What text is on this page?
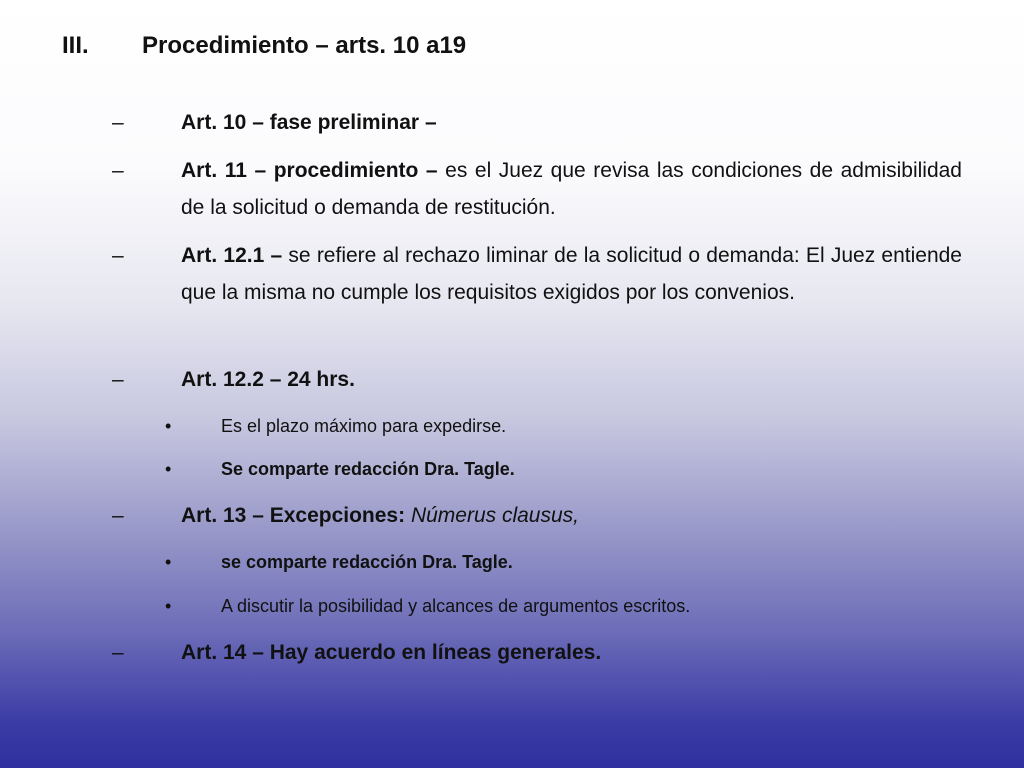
III. Procedimiento – arts. 10 a19
–	Art. 10 – fase preliminar –
–	Art. 11 – procedimiento – es el Juez que revisa las condiciones de admisibilidad de la solicitud o demanda de restitución.
–	Art. 12.1 – se refiere al rechazo liminar de la solicitud o demanda: El Juez entiende que la misma no cumple los requisitos exigidos por los convenios.
–	Art. 12.2 – 24 hrs.
•	Es el plazo máximo para expedirse.
•	Se comparte redacción Dra. Tagle.
–	Art. 13 – Excepciones: Númerus clausus,
•	se comparte redacción Dra. Tagle.
•	A discutir la posibilidad y alcances de argumentos escritos.
–	Art. 14 – Hay acuerdo en líneas generales.
